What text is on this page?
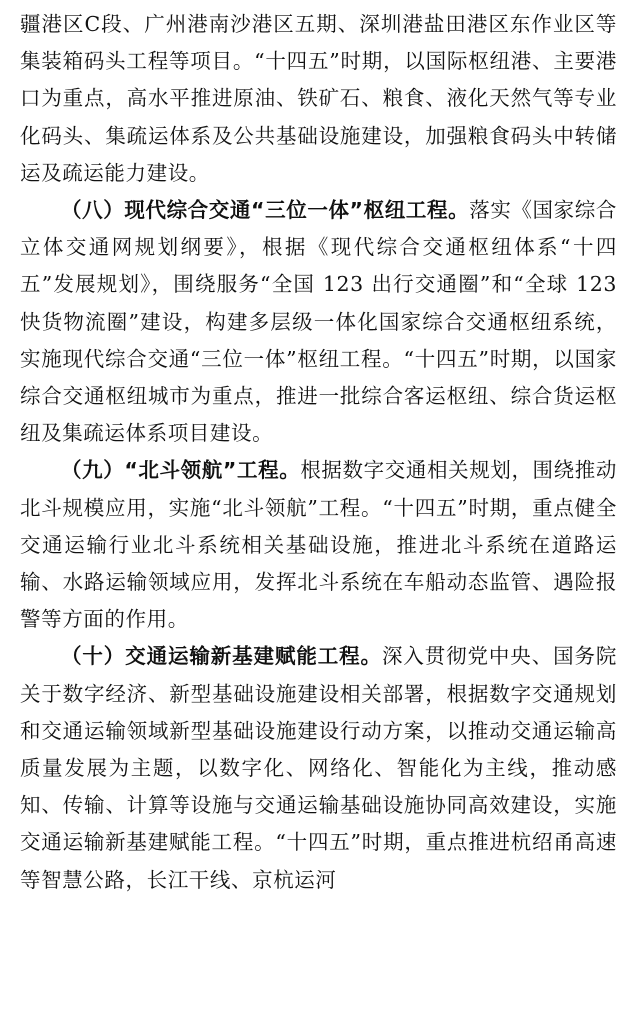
疆港区C段、广州港南沙港区五期、深圳港盐田港区东作业区等集装箱码头工程等项目。“十四五”时期，以国际枢纽港、主要港口为重点，高水平推进原油、铁矿石、粮食、液化天然气等专业化码头、集疏运体系及公共基础设施建设，加强粮食码头中转储运及疏运能力建设。

（八）现代综合交通“三位一体”枢纽工程。落实《国家综合立体交通网规划纲要》，根据《现代综合交通枢纽体系“十四五”发展规划》，围绕服务“全国 123 出行交通圈”和“全球 123 快货物流圈”建设，构建多层级一体化国家综合交通枢纽系统，实施现代综合交通“三位一体”枢纽工程。“十四五”时期，以国家综合交通枢纽城市为重点，推进一批综合客运枢纽、综合货运枢纽及集疏运体系项目建设。

（九）“北斗领航”工程。根据数字交通相关规划，围绕推动北斗规模应用，实施“北斗领航”工程。“十四五”时期，重点健全交通运输行业北斗系统相关基础设施，推进北斗系统在道路运输、水路运输领域应用，发挥北斗系统在车船动态监管、遇险报警等方面的作用。

（十）交通运输新基建赋能工程。深入贯彻党中央、国务院关于数字经济、新型基础设施建设相关部署，根据数字交通规划和交通运输领域新型基础设施建设行动方案，以推动交通运输高质量发展为主题，以数字化、网络化、智能化为主线，推动感知、传输、计算等设施与交通运输基础设施协同高效建设，实施交通运输新基建赋能工程。“十四五”时期，重点推进杭绍甬高速等智慧公路，长江干线、京杭运河
